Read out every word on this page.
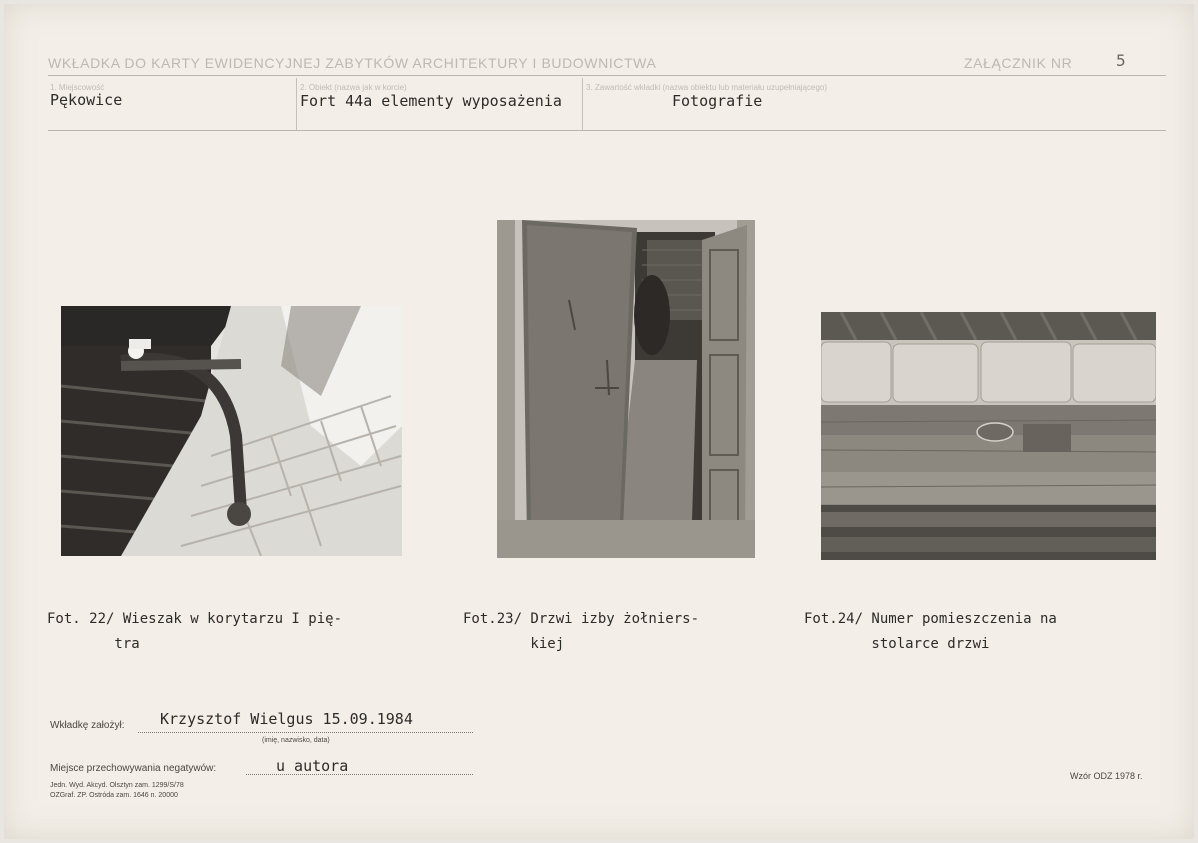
WKŁADKA DO KARTY EWIDENCYJNEJ ZABYTKÓW ARCHITEKTURY I BUDOWNICTWA	ZAŁĄCZNIK NR	5
1. Miejscowość
Pękowice
2. Obiekt (nazwa jak w korcie)
Fort 44a elementy wyposażenia
3. Zawartość wkładki (nazwa obiektu lub materiału uzupełniającego)
Fotografie
Fot. 22/ Wieszak w korytarzu I pię-
tra
Fot.23/ Drzwi izby żołniers-
kiej
Fot.24/ Numer pomieszczenia na
stolarce drzwi
Wkładkę założył: Krzysztof Wielgus 15.09.1984
(imię, nazwisko, data)
Miejsce przechowywania negatywów:	u autora
Jedn. Wyd. Akcyd. Olsztyn zam. 1299/S/78
OZGraf. ZP. Ostróda zam. 1646 n. 20000
Wzór ODZ 1978 r.
